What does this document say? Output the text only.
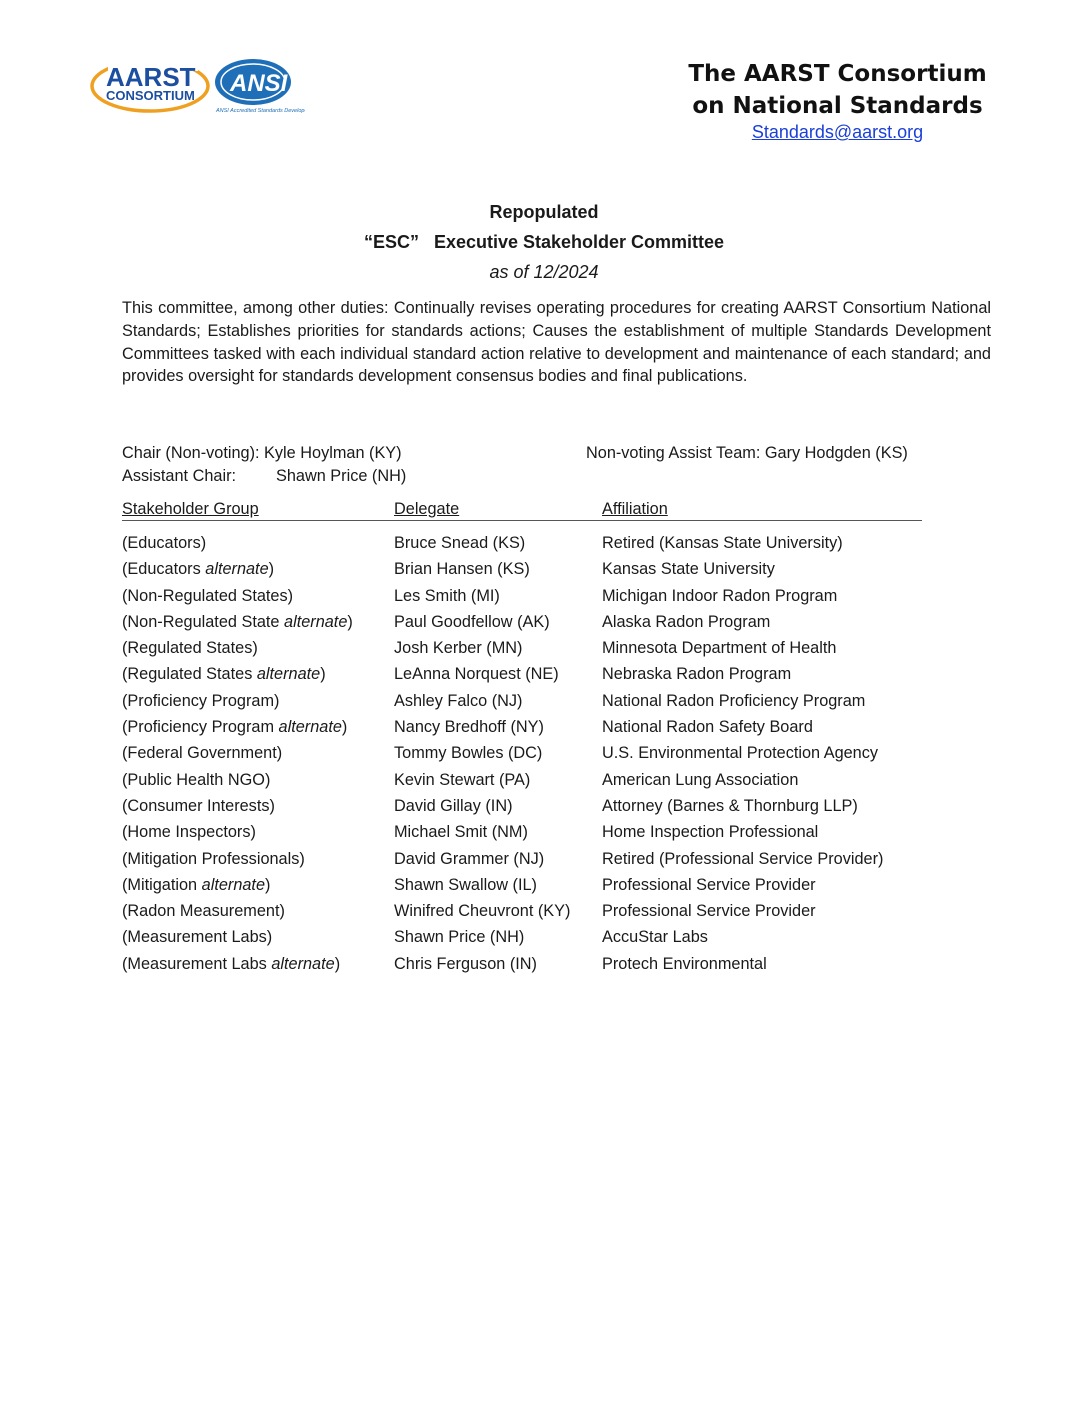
AARST
CONSORTIUM ANSI
ANSI Accredited Standards Developer
The AARST Consortium
on National Standards
Standards@aarst.org
Repopulated
“ESC”   Executive Stakeholder Committee
as of 12/2024
This committee, among other duties: Continually revises operating procedures for creating AARST Consortium National Standards; Establishes priorities for standards actions; Causes the establishment of multiple Standards Development Committees tasked with each individual standard action relative to development and maintenance of each standard; and provides oversight for standards development consensus bodies and final publications.
Chair (Non-voting): Kyle Hoylman (KY)	Non-voting Assist Team: Gary Hodgden (KS)
Assistant Chair: Shawn Price (NH)
Stakeholder Group	Delegate	Affiliation
(Educators)	Bruce Snead (KS)	Retired (Kansas State University)
(Educators alternate)	Brian Hansen (KS)	Kansas State University
(Non-Regulated States)	Les Smith (MI)	Michigan Indoor Radon Program
(Non-Regulated State alternate)	Paul Goodfellow (AK)	Alaska Radon Program
(Regulated States)	Josh Kerber (MN)	Minnesota Department of Health
(Regulated States alternate)	LeAnna Norquest (NE)	Nebraska Radon Program
(Proficiency Program)	Ashley Falco (NJ)	National Radon Proficiency Program
(Proficiency Program alternate)	Nancy Bredhoff (NY)	National Radon Safety Board
(Federal Government)	Tommy Bowles (DC)	U.S. Environmental Protection Agency
(Public Health NGO)	Kevin Stewart (PA)	American Lung Association
(Consumer Interests)	David Gillay (IN)	Attorney (Barnes & Thornburg LLP)
(Home Inspectors)	Michael Smit (NM)	Home Inspection Professional
(Mitigation Professionals)	David Grammer (NJ)	Retired (Professional Service Provider)
(Mitigation alternate)	Shawn Swallow (IL)	Professional Service Provider
(Radon Measurement)	Winifred Cheuvront (KY) Professional Service Provider
(Measurement Labs)	Shawn Price (NH)	AccuStar Labs
(Measurement Labs alternate)	Chris Ferguson (IN)	Protech Environmental
